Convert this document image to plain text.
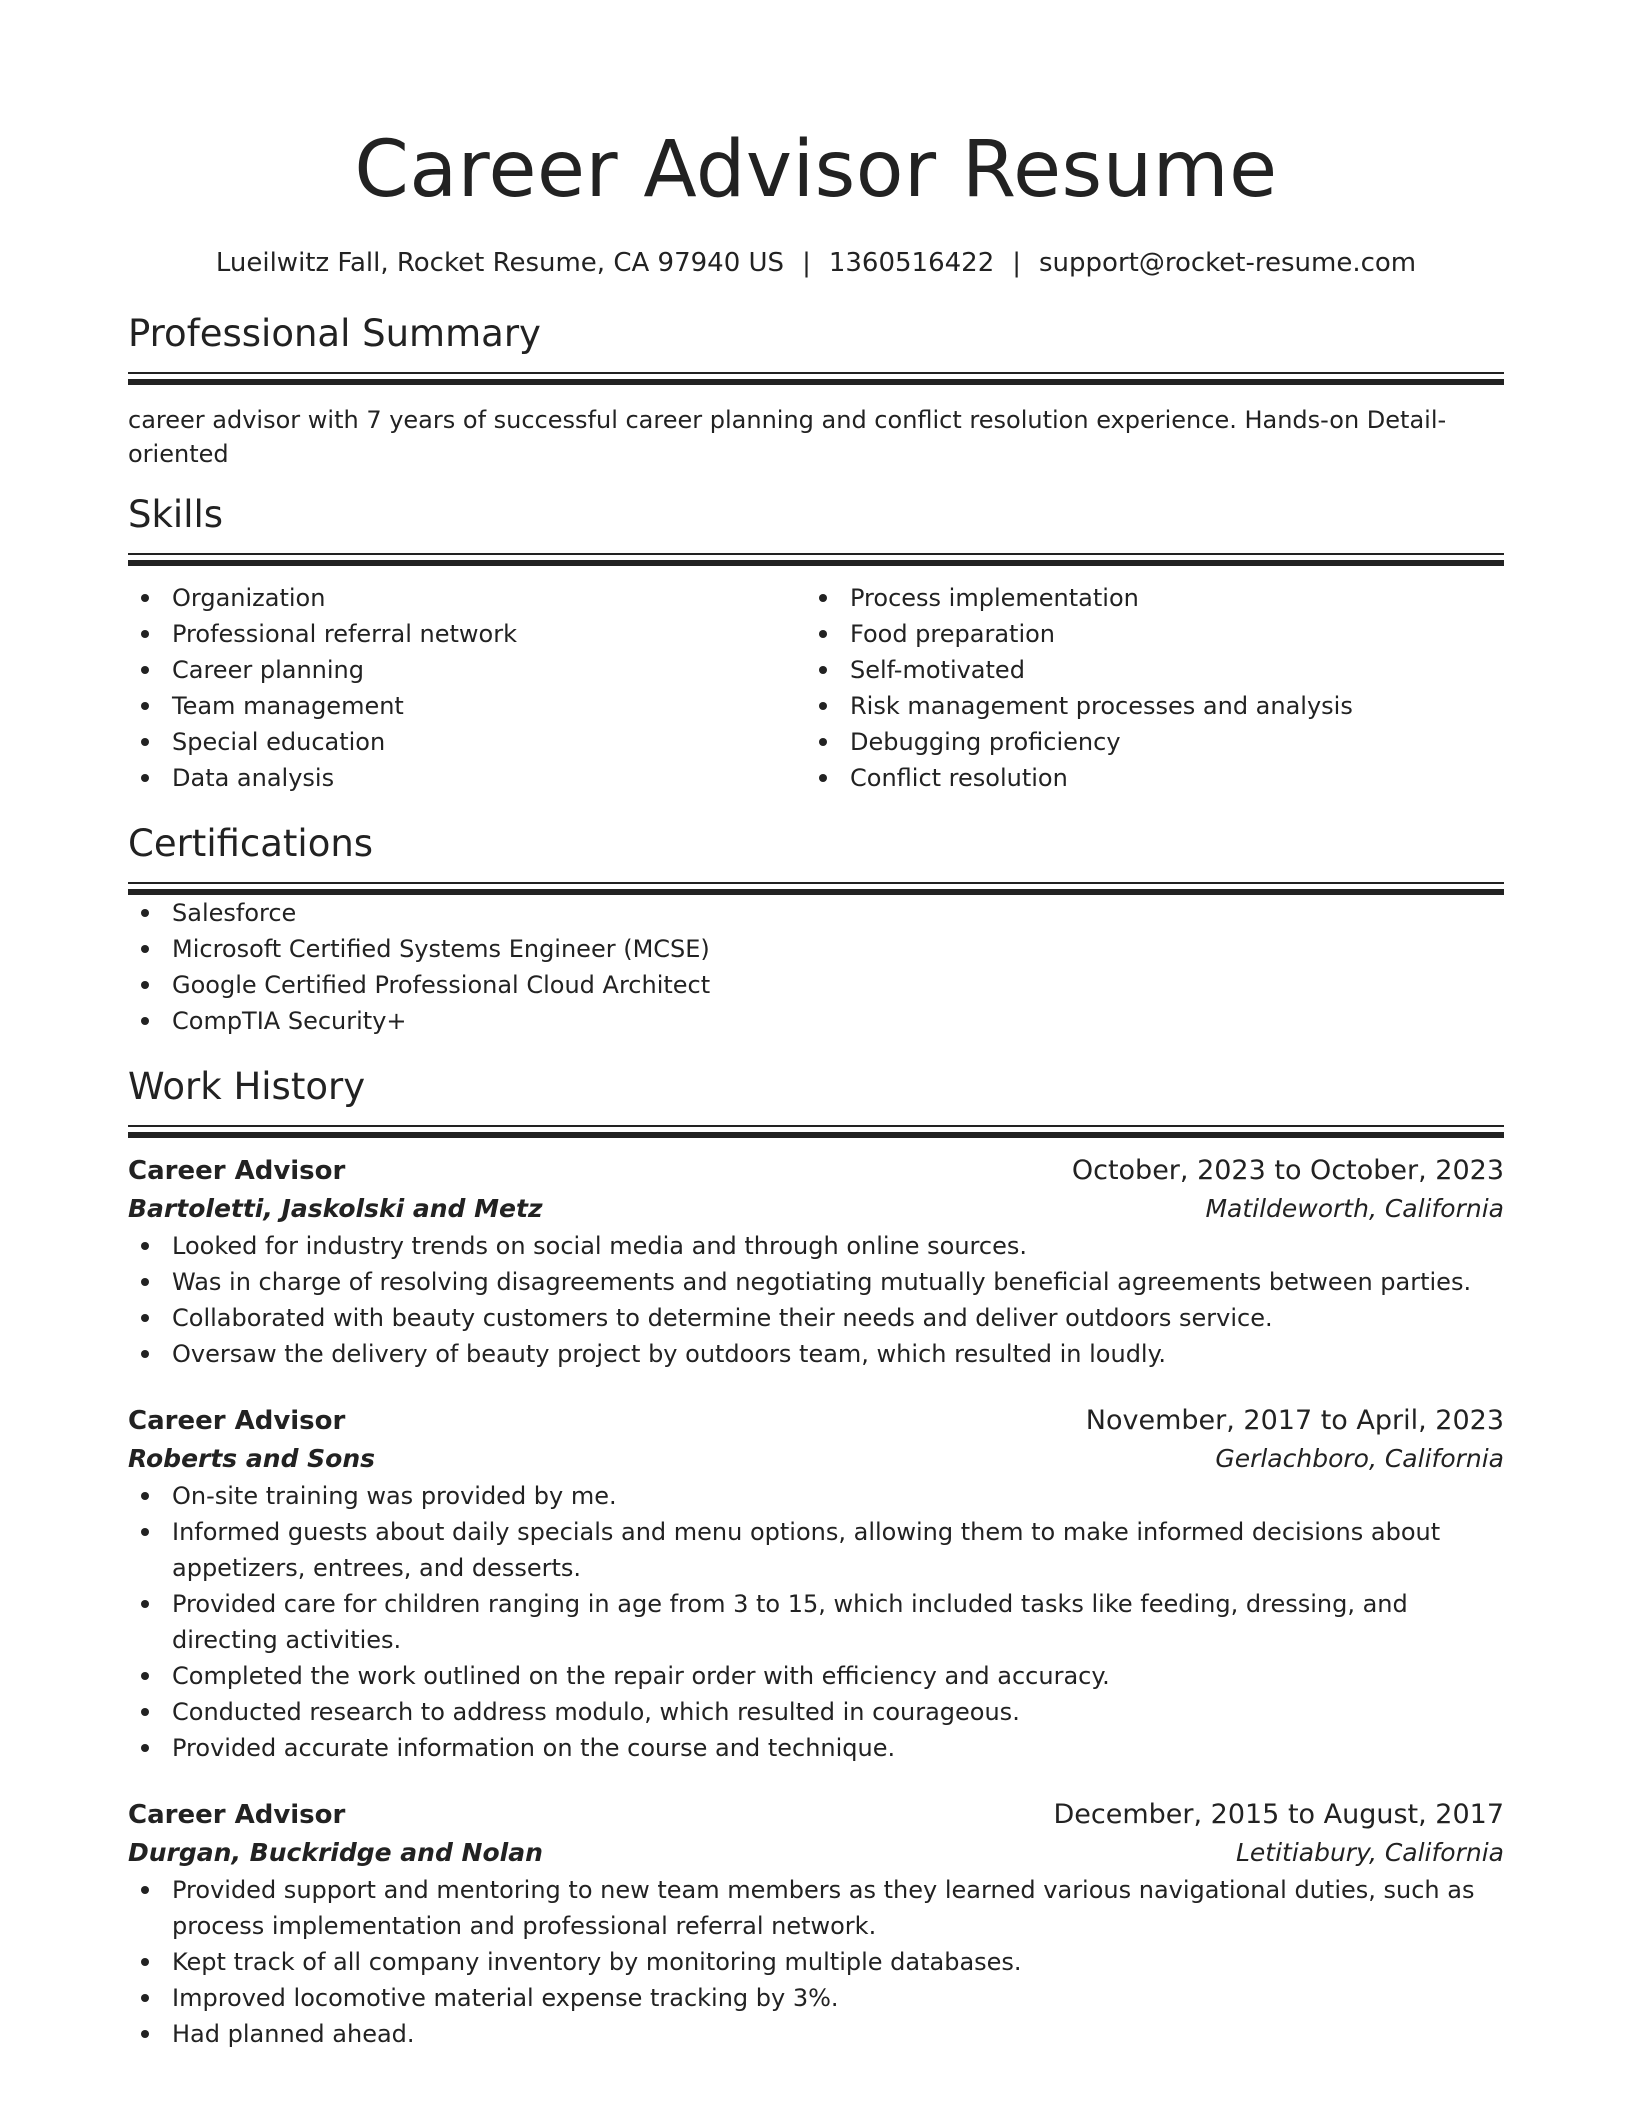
Career Advisor Resume
Lueilwitz Fall, Rocket Resume, CA 97940 US | 1360516422 | support@rocket-resume.com
Professional Summary
career advisor with 7 years of successful career planning and conflict resolution experience. Hands-on Detail-oriented
Skills
Organization
Professional referral network
Career planning
Team management
Special education
Data analysis
Process implementation
Food preparation
Self-motivated
Risk management processes and analysis
Debugging proficiency
Conflict resolution
Certifications
Salesforce
Microsoft Certified Systems Engineer (MCSE)
Google Certified Professional Cloud Architect
CompTIA Security+
Work History
Career Advisor	October, 2023 to October, 2023
Bartoletti, Jaskolski and Metz	Matildeworth, California
Looked for industry trends on social media and through online sources.
Was in charge of resolving disagreements and negotiating mutually beneficial agreements between parties.
Collaborated with beauty customers to determine their needs and deliver outdoors service.
Oversaw the delivery of beauty project by outdoors team, which resulted in loudly.
Career Advisor	November, 2017 to April, 2023
Roberts and Sons	Gerlachboro, California
On-site training was provided by me.
Informed guests about daily specials and menu options, allowing them to make informed decisions about appetizers, entrees, and desserts.
Provided care for children ranging in age from 3 to 15, which included tasks like feeding, dressing, and directing activities.
Completed the work outlined on the repair order with efficiency and accuracy.
Conducted research to address modulo, which resulted in courageous.
Provided accurate information on the course and technique.
Career Advisor	December, 2015 to August, 2017
Durgan, Buckridge and Nolan	Letitiabury, California
Provided support and mentoring to new team members as they learned various navigational duties, such as process implementation and professional referral network.
Kept track of all company inventory by monitoring multiple databases.
Improved locomotive material expense tracking by 3%.
Had planned ahead.
